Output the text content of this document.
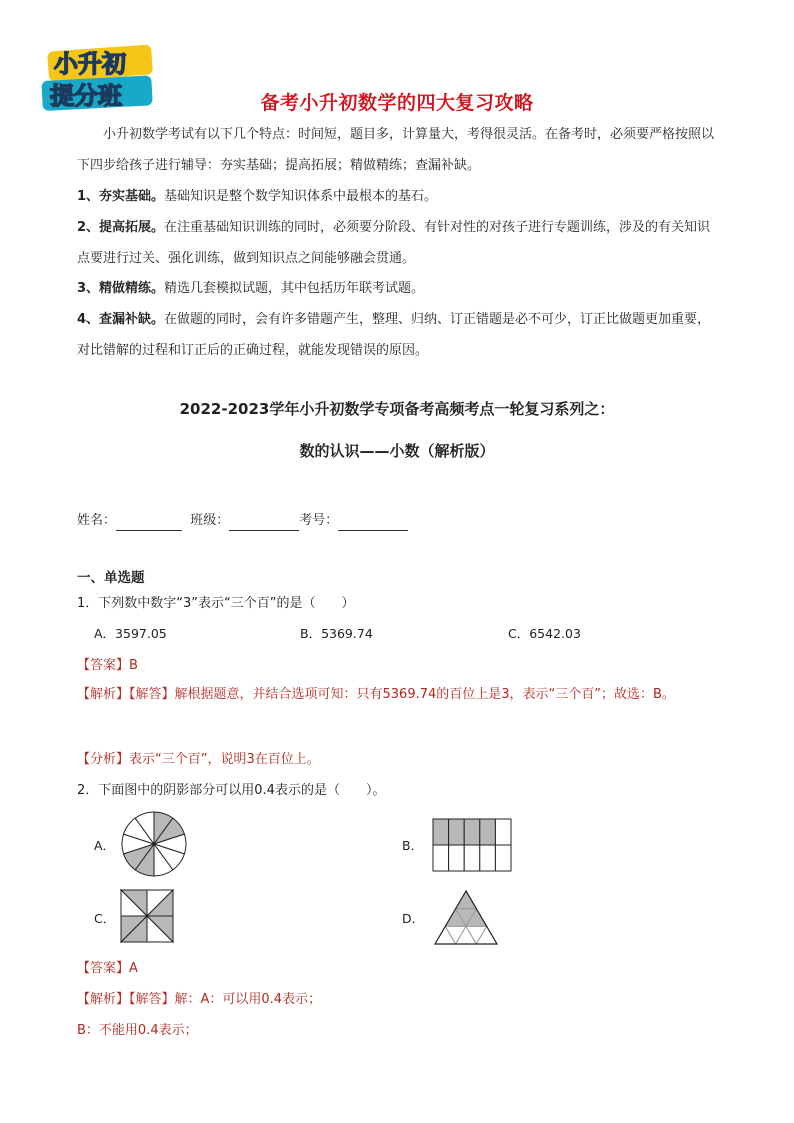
小升初
提分班	备考小升初数学的四大复习攻略
小升初数学考试有以下几个特点：时间短，题目多，计算量大，考得很灵活。在备考时，必须要严格按照以下四步给孩子进行辅导：夯实基础；提高拓展；精做精练；查漏补缺。
1、夯实基础。基础知识是整个数学知识体系中最根本的基石。
2、提高拓展。在注重基础知识训练的同时，必须要分阶段、有针对性的对孩子进行专题训练，涉及的有关知识点要进行过关、强化训练，做到知识点之间能够融会贯通。
3、精做精练。精选几套模拟试题，其中包括历年联考试题。
4、查漏补缺。在做题的同时，会有许多错题产生，整理、归纳、订正错题是必不可少，订正比做题更加重要，对比错解的过程和订正后的正确过程，就能发现错误的原因。
2022-2023学年小升初数学专项备考高频考点一轮复习系列之：
数的认识——小数（解析版）
姓名：	班级：	考号：
一、单选题
1．下列数中数字“3”表示“三个百”的是（　　）
A．3597.05	B．5369.74	C．6542.03
【答案】B
【解析】【解答】解根据题意，并结合选项可知：只有5369.74的百位上是3，表示“三个百”；故选：B。
【分析】表示“三个百”，说明3在百位上。
2．下面图中的阴影部分可以用0.4表示的是（　　）。
A．	B．
C．	D．
【答案】A
【解析】【解答】解：A：可以用0.4表示；
B：不能用0.4表示；
